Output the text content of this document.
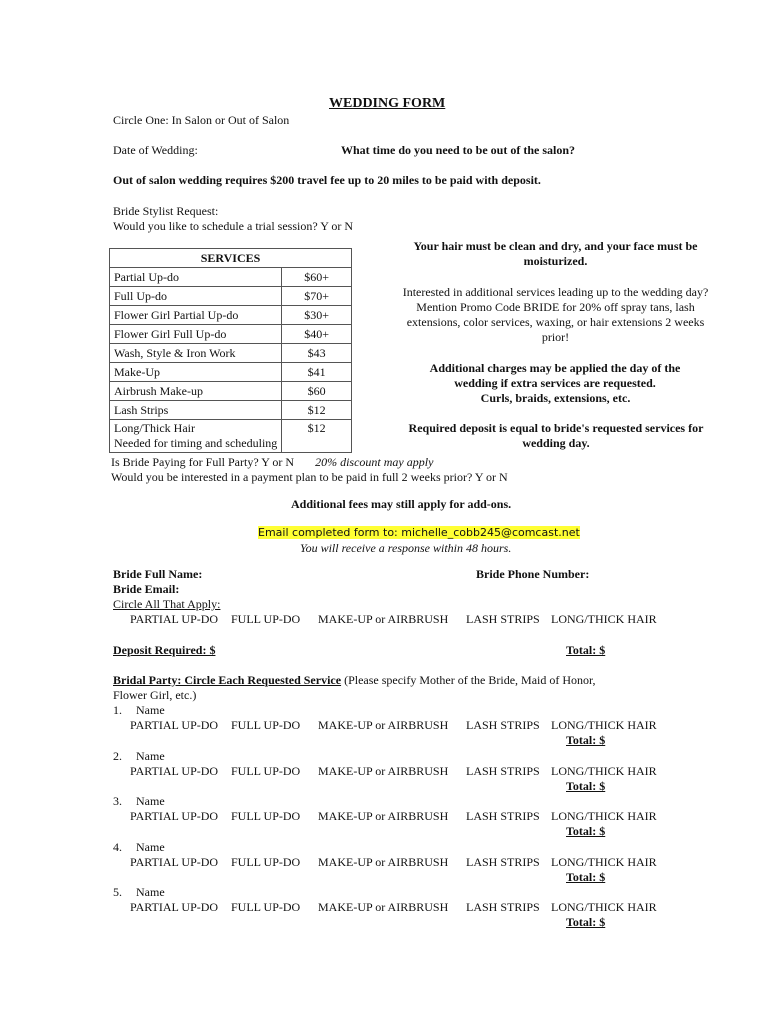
WEDDING FORM
Circle One: In Salon or Out of Salon
Date of Wedding:	What time do you need to be out of the salon?
Out of salon wedding requires $200 travel fee up to 20 miles to be paid with deposit.
Bride Stylist Request:
Would you like to schedule a trial session? Y or N
SERVICES	
Partial Up-do	$60+
Full Up-do	$70+
Flower Girl Partial Up-do	$30+
Flower Girl Full Up-do	$40+
Wash, Style & Iron Work	$43
Make-Up	$41
Airbrush Make-up	$60
Lash Strips	$12

Long/Thick Hair
Needed for timing and scheduling	$12
Your hair must be clean and dry, and your face must be moisturized.
Interested in additional services leading up to the wedding day? Mention Promo Code BRIDE for 20% off spray tans, lash extensions, color services, waxing, or hair extensions 2 weeks prior!
Additional charges may be applied the day of the wedding if extra services are requested.
Curls, braids, extensions, etc.
Required deposit is equal to bride's requested services for wedding day.
Is Bride Paying for Full Party? Y or N 20% discount may apply
Would you be interested in a payment plan to be paid in full 2 weeks prior? Y or N
Additional fees may still apply for add-ons.
Email completed form to: michelle_cobb245@comcast.net
You will receive a response within 48 hours.
Bride Full Name:	Bride Phone Number:
Bride Email:
Circle All That Apply:
PARTIAL UP-DO FULL UP-DO MAKE-UP or AIRBRUSH LASH STRIPS LONG/THICK HAIR
Deposit Required: $	Total: $
Bridal Party: Circle Each Requested Service (Please specify Mother of the Bride, Maid of Honor,
Flower Girl, etc.)
1. Name
PARTIAL UP-DO FULL UP-DO MAKE-UP or AIRBRUSH LASH STRIPS LONG/THICK HAIR
Total: $
2. Name
PARTIAL UP-DO FULL UP-DO MAKE-UP or AIRBRUSH LASH STRIPS LONG/THICK HAIR
Total: $
3. Name
PARTIAL UP-DO FULL UP-DO MAKE-UP or AIRBRUSH LASH STRIPS LONG/THICK HAIR
Total: $
4. Name
PARTIAL UP-DO FULL UP-DO MAKE-UP or AIRBRUSH LASH STRIPS LONG/THICK HAIR
Total: $
5. Name
PARTIAL UP-DO FULL UP-DO MAKE-UP or AIRBRUSH LASH STRIPS LONG/THICK HAIR
Total: $
